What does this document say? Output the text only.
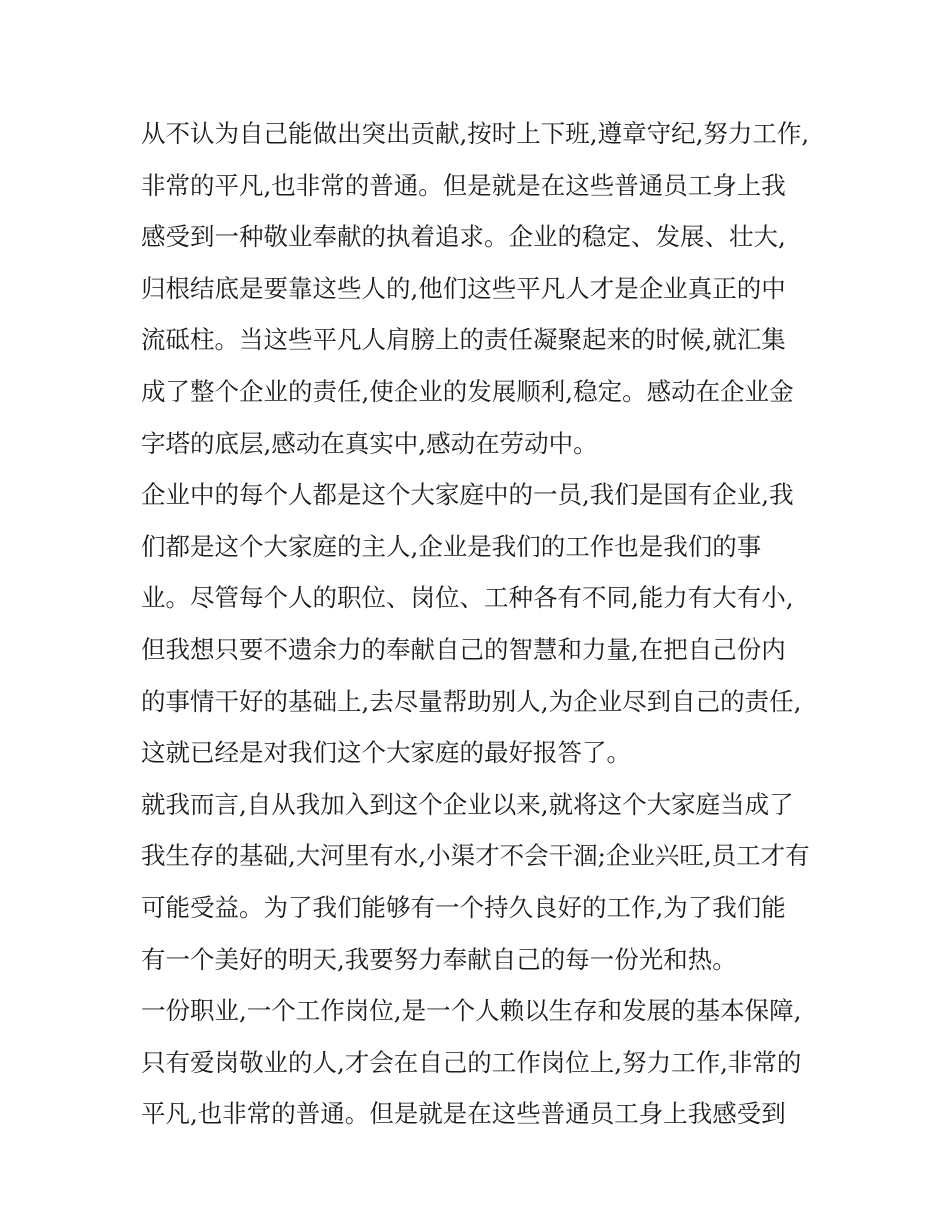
从不认为自己能做出突出贡献,按时上下班,遵章守纪,努力工作,
非常的平凡,也非常的普通。但是就是在这些普通员工身上我
感受到一种敬业奉献的执着追求。企业的稳定、发展、壮大,
归根结底是要靠这些人的,他们这些平凡人才是企业真正的中
流砥柱。当这些平凡人肩膀上的责任凝聚起来的时候,就汇集
成了整个企业的责任,使企业的发展顺利,稳定。感动在企业金
字塔的底层,感动在真实中,感动在劳动中。
企业中的每个人都是这个大家庭中的一员,我们是国有企业,我
们都是这个大家庭的主人,企业是我们的工作也是我们的事
业。尽管每个人的职位、岗位、工种各有不同,能力有大有小,
但我想只要不遗余力的奉献自己的智慧和力量,在把自己份内
的事情干好的基础上,去尽量帮助别人,为企业尽到自己的责任,
这就已经是对我们这个大家庭的最好报答了。
就我而言,自从我加入到这个企业以来,就将这个大家庭当成了
我生存的基础,大河里有水,小渠才不会干涸;企业兴旺,员工才有
可能受益。为了我们能够有一个持久良好的工作,为了我们能
有一个美好的明天,我要努力奉献自己的每一份光和热。
一份职业,一个工作岗位,是一个人赖以生存和发展的基本保障,
只有爱岗敬业的人,才会在自己的工作岗位上,努力工作,非常的
平凡,也非常的普通。但是就是在这些普通员工身上我感受到
